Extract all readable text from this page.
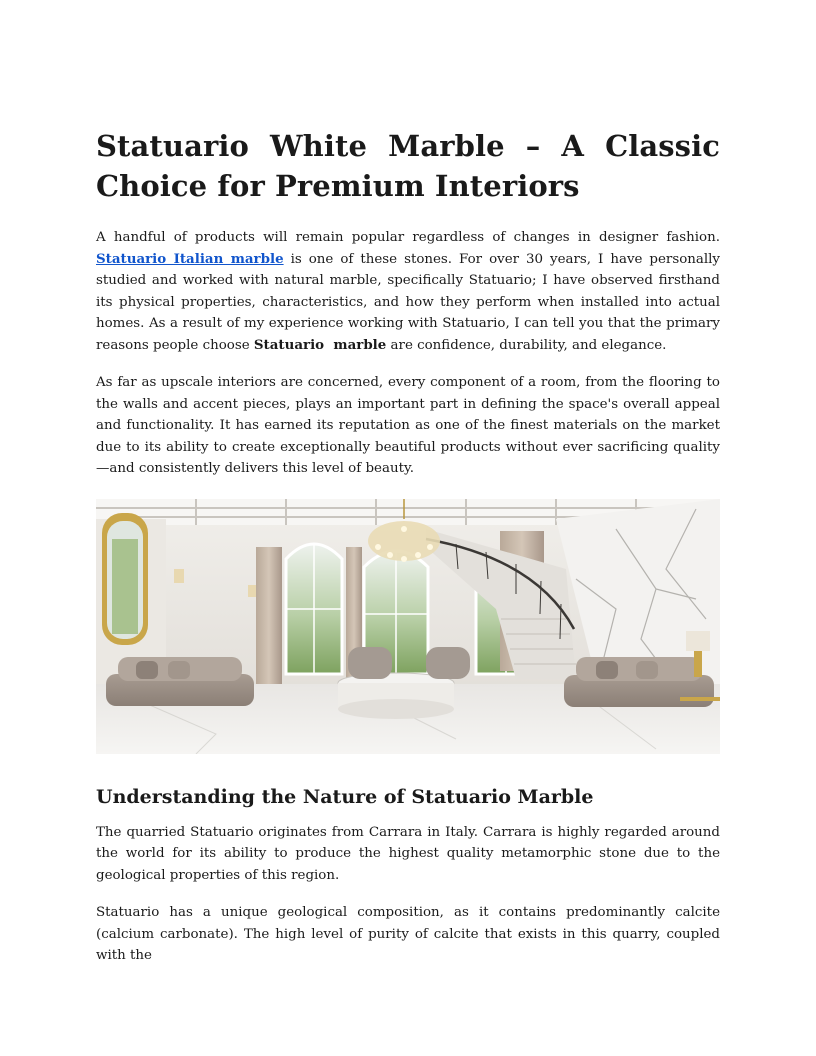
Statuario White Marble – A Classic Choice for Premium Interiors

A handful of products will remain popular regardless of changes in designer fashion. Statuario Italian marble is one of these stones. For over 30 years, I have personally studied and worked with natural marble, specifically Statuario; I have observed firsthand its physical properties, characteristics, and how they perform when installed into actual homes. As a result of my experience working with Statuario, I can tell you that the primary reasons people choose Statuario  marble are confidence, durability, and elegance.

As far as upscale interiors are concerned, every component of a room, from the flooring to the walls and accent pieces, plays an important part in defining the space's overall appeal and functionality. It has earned its reputation as one of the finest materials on the market due to its ability to create exceptionally beautiful products without ever sacrificing quality—and consistently delivers this level of beauty.

Understanding the Nature of Statuario Marble

The quarried Statuario originates from Carrara in Italy. Carrara is highly regarded around the world for its ability to produce the highest quality metamorphic stone due to the geological properties of this region.

Statuario has a unique geological composition, as it contains predominantly calcite (calcium carbonate). The high level of purity of calcite that exists in this quarry, coupled with the
